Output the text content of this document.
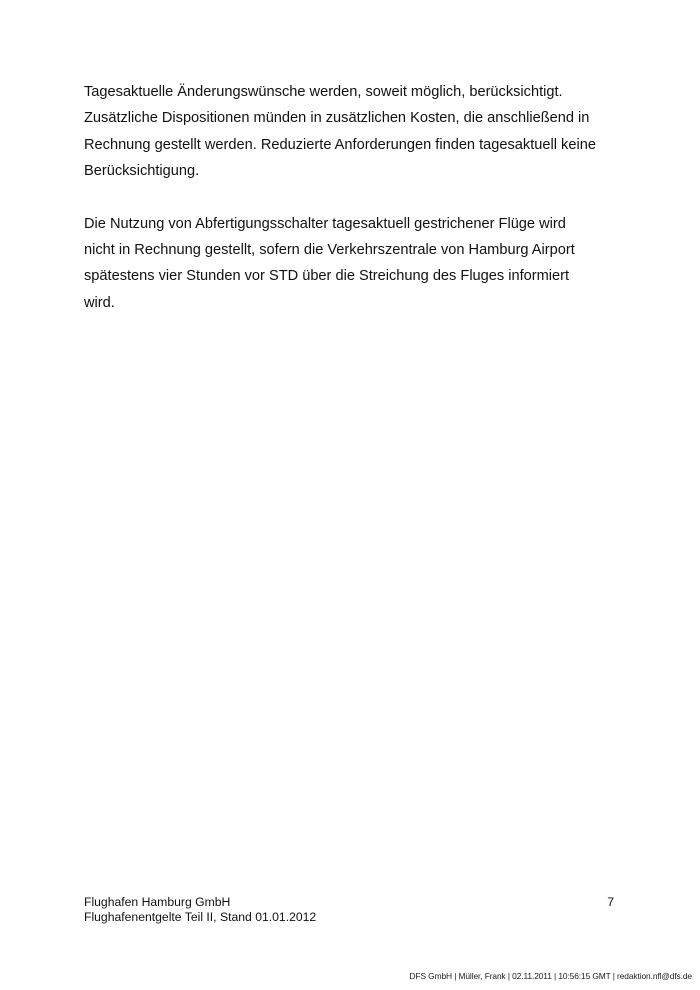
Tagesaktuelle Änderungswünsche werden, soweit möglich, berücksichtigt.
Zusätzliche Dispositionen münden in zusätzlichen Kosten, die anschließend in
Rechnung gestellt werden. Reduzierte Anforderungen finden tagesaktuell keine
Berücksichtigung.

Die Nutzung von Abfertigungsschalter tagesaktuell gestrichener Flüge wird
nicht in Rechnung gestellt, sofern die Verkehrszentrale von Hamburg Airport
spätestens vier Stunden vor STD über die Streichung des Fluges informiert
wird.

Flughafen Hamburg GmbH
Flughafenentgelte Teil II, Stand 01.01.2012
7
DFS GmbH | Müller, Frank | 02.11.2011 | 10:56:15 GMT | redaktion.nfl@dfs.de
